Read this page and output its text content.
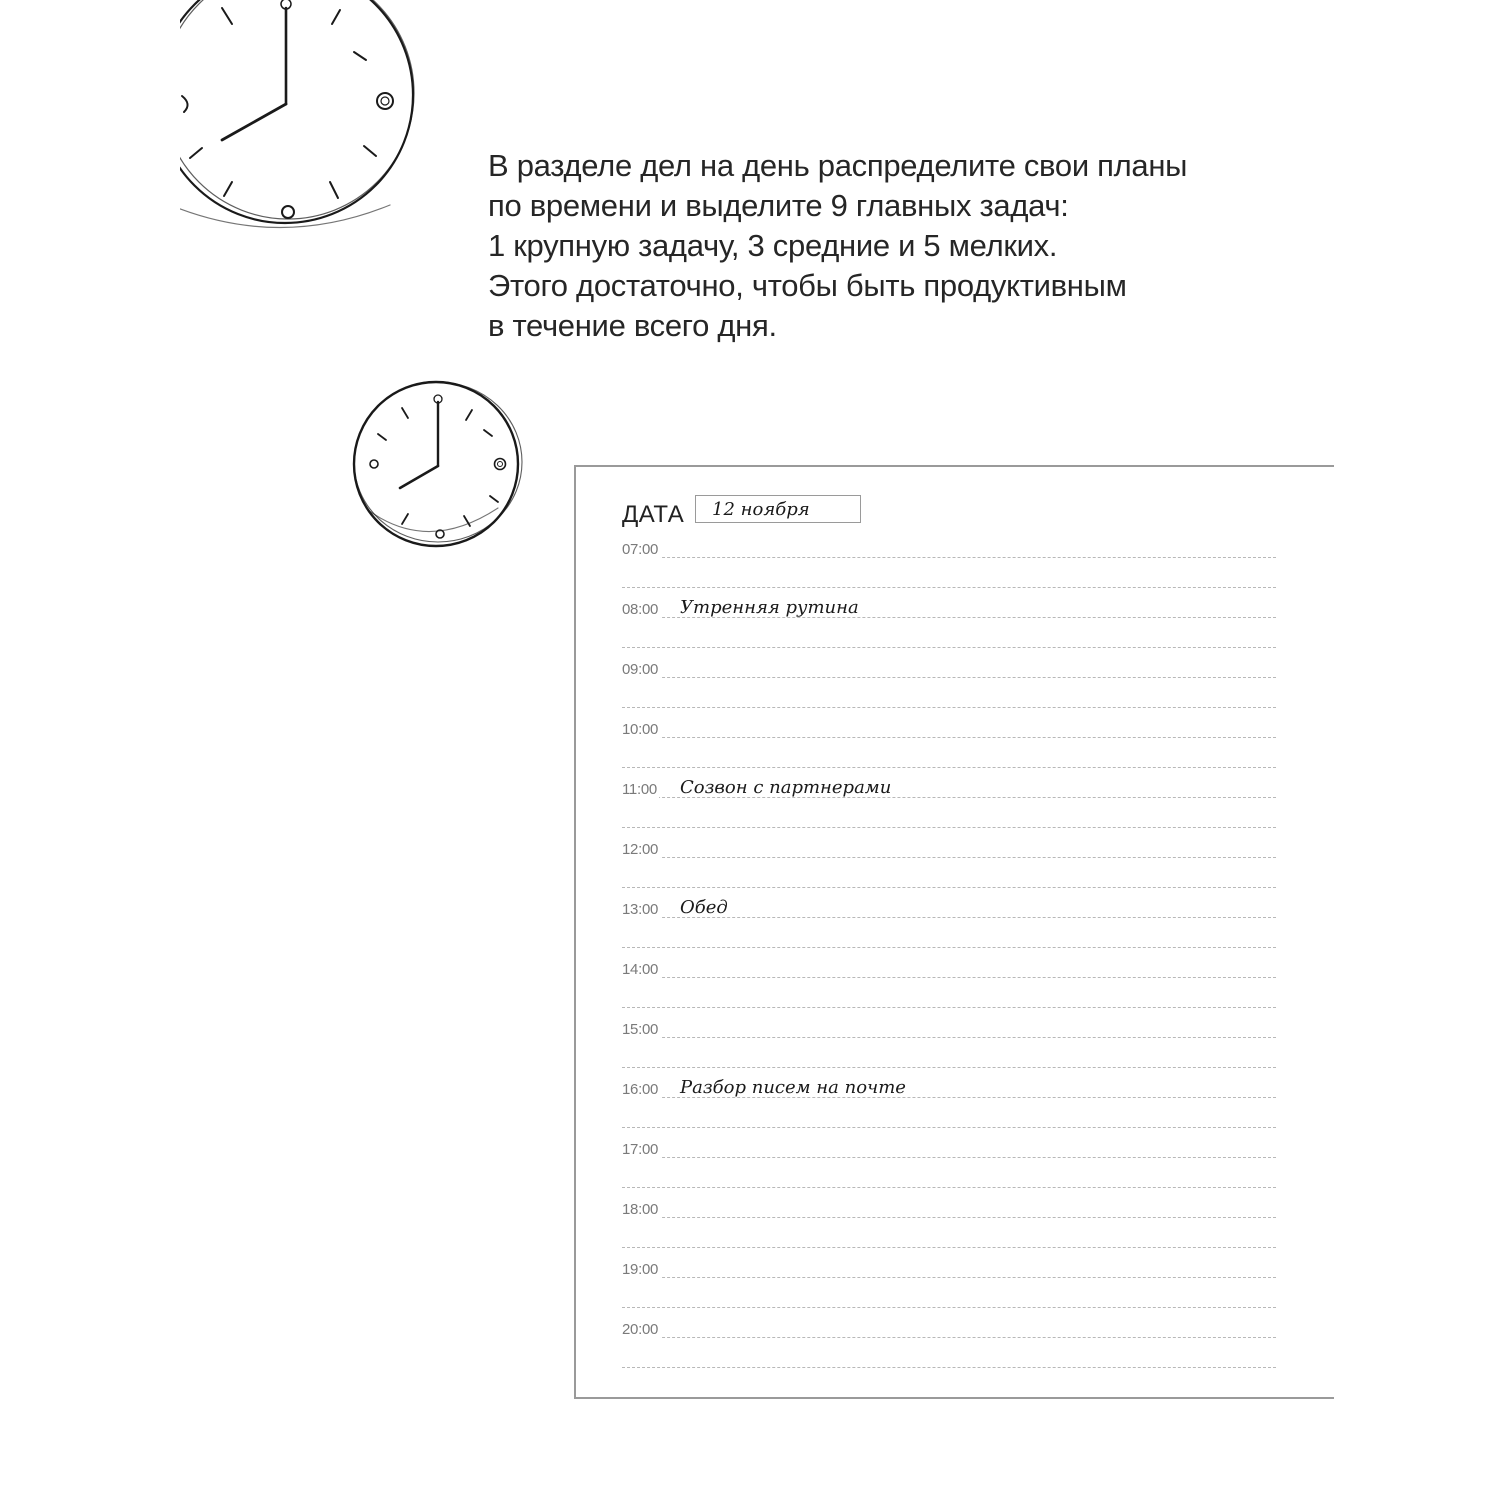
В разделе дел на день распределите свои планы
по времени и выделите 9 главных задач:
1 крупную задачу, 3 средние и 5 мелких.
Этого достаточно, чтобы быть продуктивным
в течение всего дня.
ДАТА 12 ноября
07:00
08:00 Утренняя рутина
09:00
10:00
11:00 Созвон с партнерами
12:00
13:00 Обед
14:00
15:00
16:00 Разбор писем на почте
17:00
18:00
19:00
20:00
